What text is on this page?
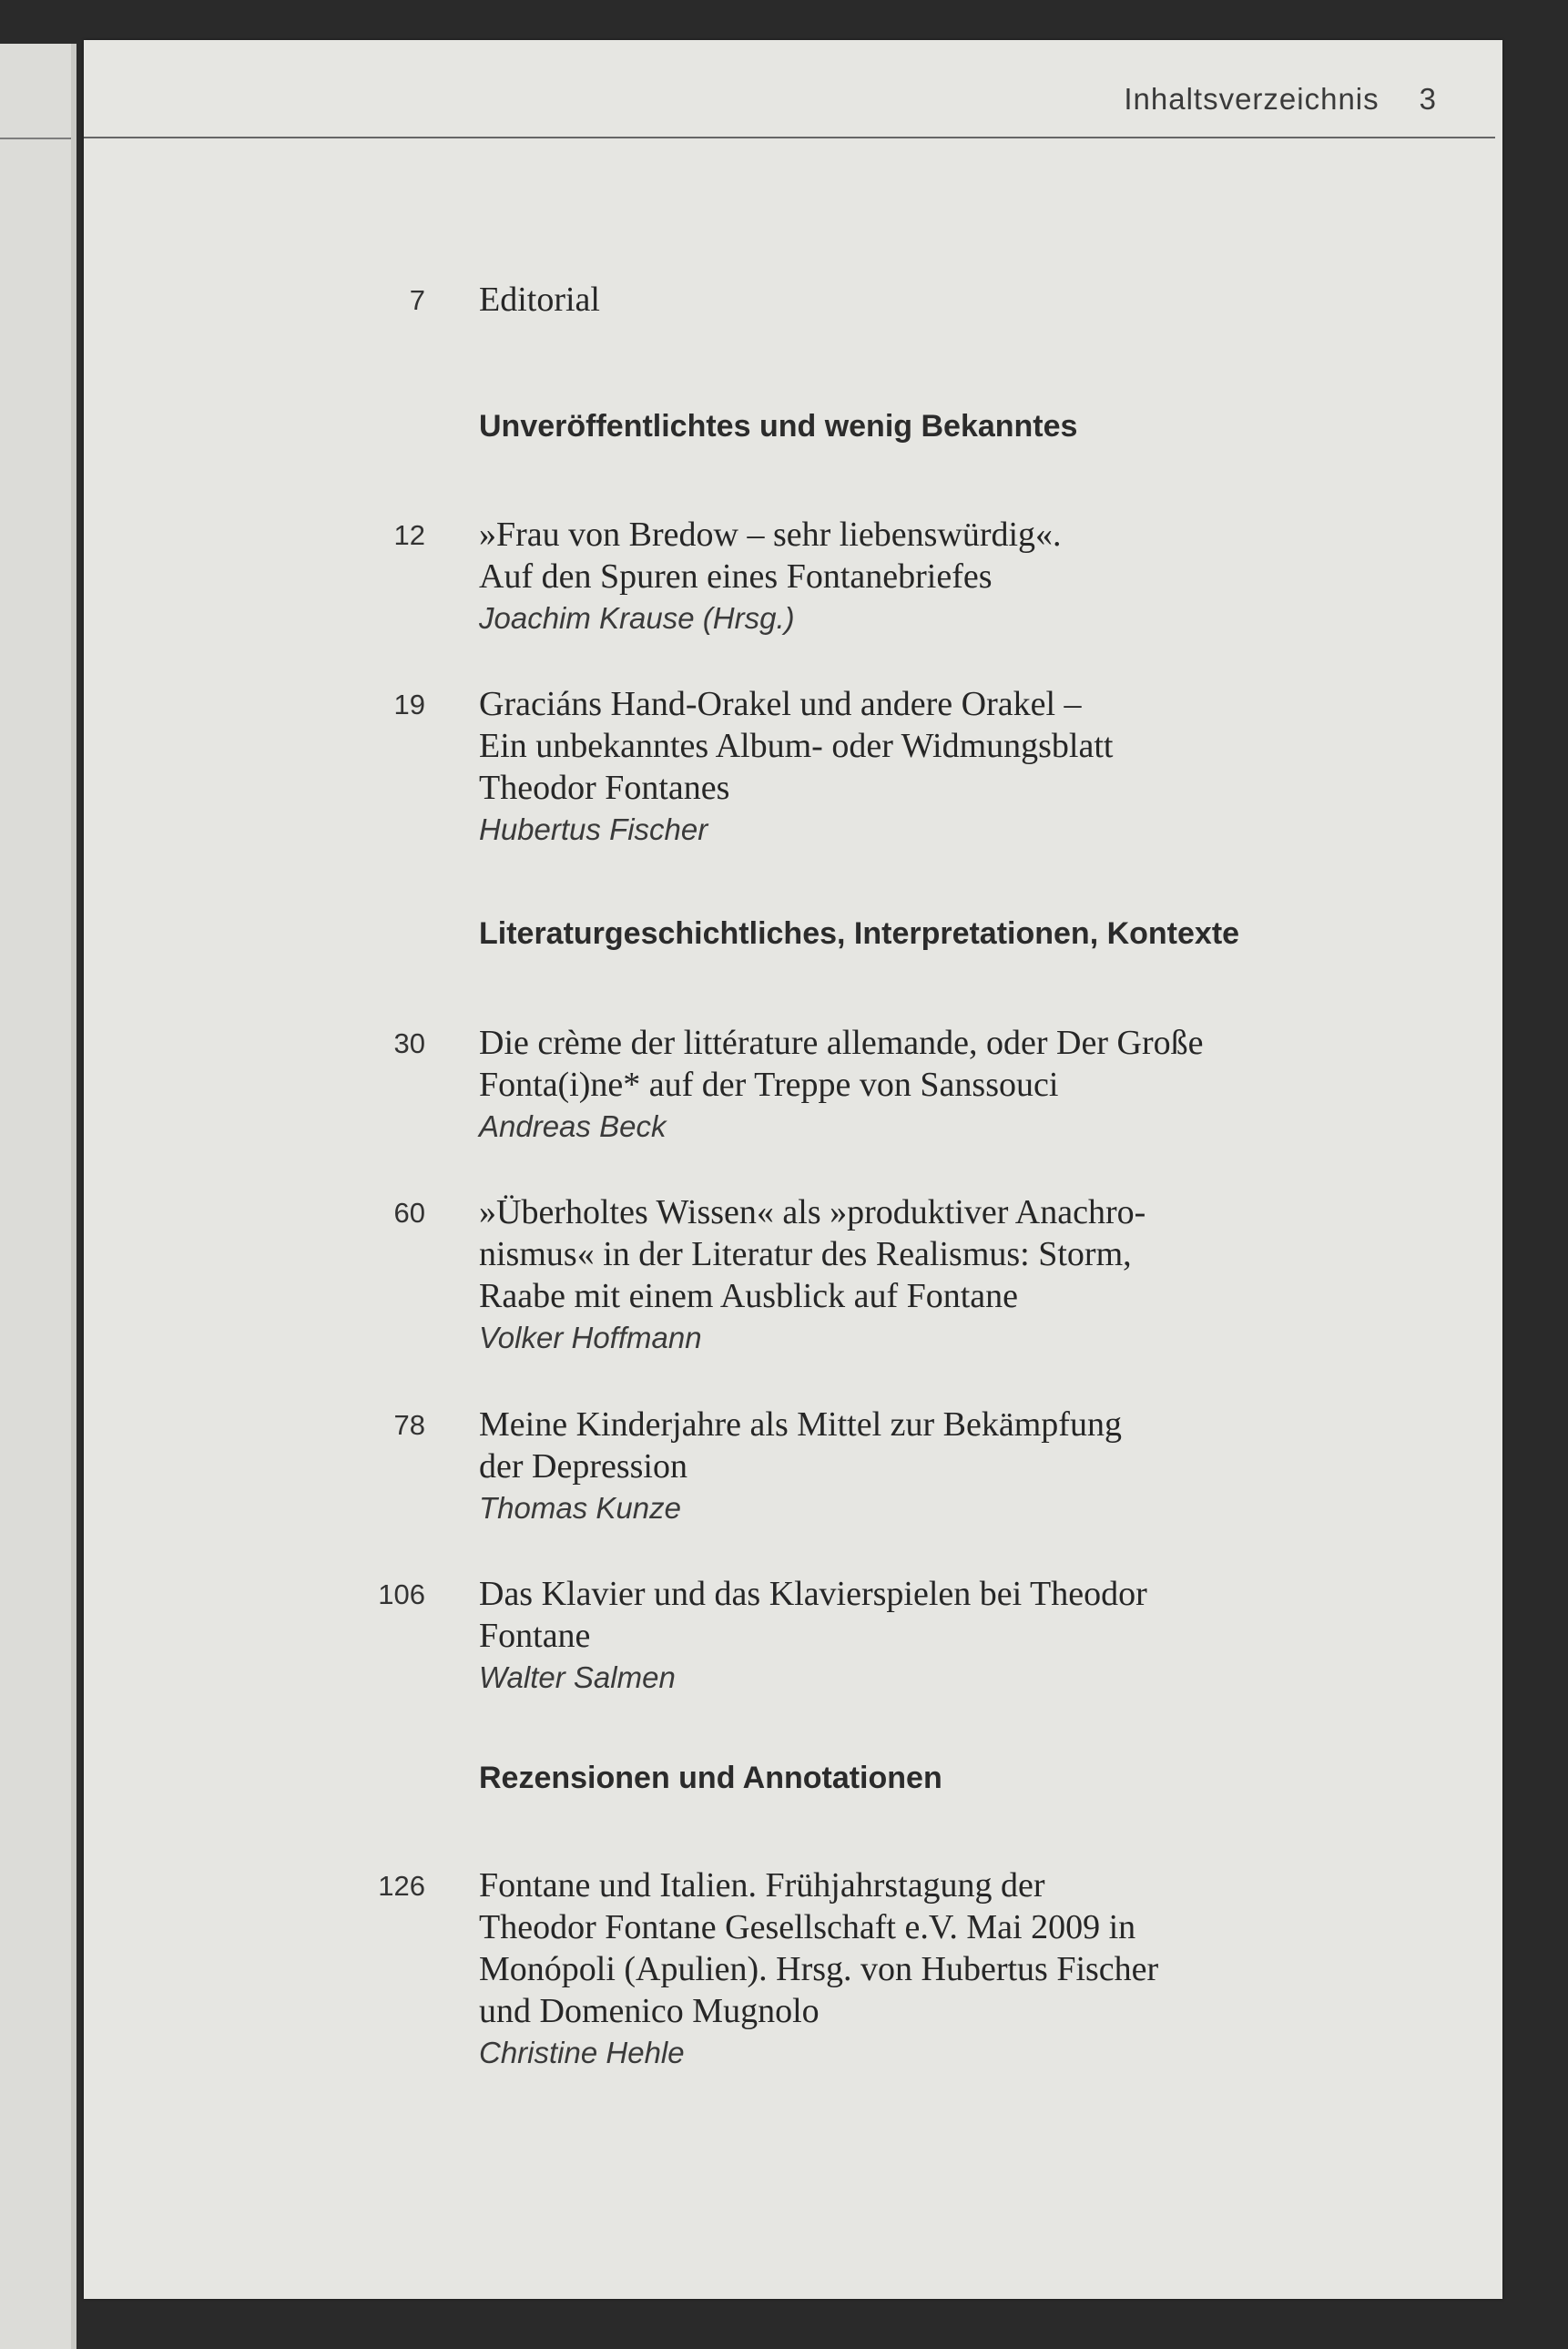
Inhaltsverzeichnis 3
7 Editorial
Unveröffentlichtes und wenig Bekanntes
12 »Frau von Bredow – sehr liebenswürdig«.
Auf den Spuren eines Fontanebriefes
Joachim Krause (Hrsg.)
19 Graciáns Hand-Orakel und andere Orakel –
Ein unbekanntes Album- oder Widmungsblatt
Theodor Fontanes
Hubertus Fischer
Literaturgeschichtliches, Interpretationen, Kontexte
30 Die crème der littérature allemande, oder Der Große
Fonta(i)ne* auf der Treppe von Sanssouci
Andreas Beck
60 »Überholtes Wissen« als »produktiver Anachro-
nismus« in der Literatur des Realismus: Storm,
Raabe mit einem Ausblick auf Fontane
Volker Hoffmann
78 Meine Kinderjahre als Mittel zur Bekämpfung
der Depression
Thomas Kunze
106 Das Klavier und das Klavierspielen bei Theodor
Fontane
Walter Salmen
Rezensionen und Annotationen
126 Fontane und Italien. Frühjahrstagung der
Theodor Fontane Gesellschaft e.V. Mai 2009 in
Monópoli (Apulien). Hrsg. von Hubertus Fischer
und Domenico Mugnolo
Christine Hehle
